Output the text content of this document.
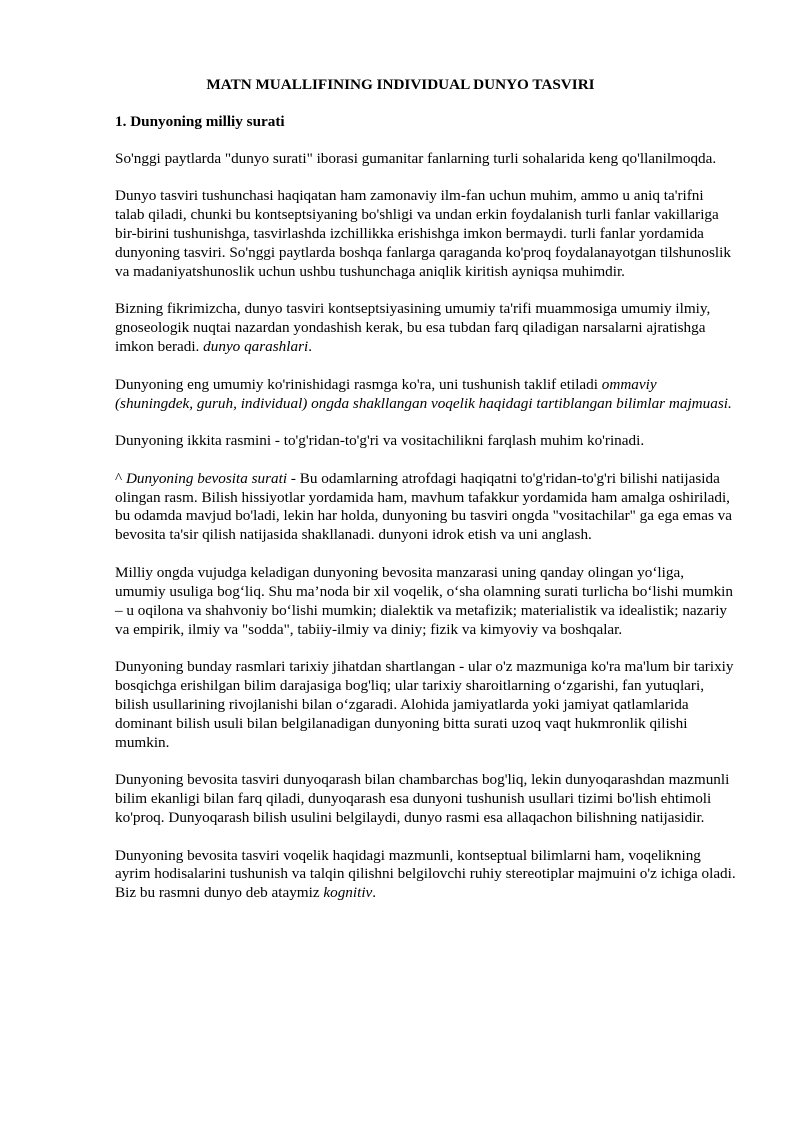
MATN MUALLIFINING INDIVIDUAL DUNYO TASVIRI
1. Dunyoning milliy surati

So'nggi paytlarda "dunyo surati" iborasi gumanitar fanlarning turli sohalarida keng qo'llanilmoqda.

Dunyo tasviri tushunchasi haqiqatan ham zamonaviy ilm-fan uchun muhim, ammo u aniq ta'rifni talab qiladi, chunki bu kontseptsiyaning bo'shligi va undan erkin foydalanish turli fanlar vakillariga bir-birini tushunishga, tasvirlashda izchillikka erishishga imkon bermaydi. turli fanlar yordamida dunyoning tasviri. So'nggi paytlarda boshqa fanlarga qaraganda ko'proq foydalanayotgan tilshunoslik va madaniyatshunoslik uchun ushbu tushunchaga aniqlik kiritish ayniqsa muhimdir.

Bizning fikrimizcha, dunyo tasviri kontseptsiyasining umumiy ta'rifi muammosiga umumiy ilmiy, gnoseologik nuqtai nazardan yondashish kerak, bu esa tubdan farq qiladigan narsalarni ajratishga imkon beradi. dunyo qarashlari.

Dunyoning eng umumiy ko'rinishidagi rasmga ko'ra, uni tushunish taklif etiladi ommaviy (shuningdek, guruh, individual) ongda shakllangan voqelik haqidagi tartiblangan bilimlar majmuasi.

Dunyoning ikkita rasmini - to'g'ridan-to'g'ri va vositachilikni farqlash muhim ko'rinadi.

^ Dunyoning bevosita surati - Bu odamlarning atrofdagi haqiqatni to'g'ridan-to'g'ri bilishi natijasida olingan rasm. Bilish hissiyotlar yordamida ham, mavhum tafakkur yordamida ham amalga oshiriladi, bu odamda mavjud bo'ladi, lekin har holda, dunyoning bu tasviri ongda "vositachilar" ga ega emas va bevosita ta'sir qilish natijasida shakllanadi. dunyoni idrok etish va uni anglash.

Milliy ongda vujudga keladigan dunyoning bevosita manzarasi uning qanday olingan yo‘liga, umumiy usuliga bog‘liq. Shu ma’noda bir xil voqelik, o‘sha olamning surati turlicha bo‘lishi mumkin – u oqilona va shahvoniy bo‘lishi mumkin; dialektik va metafizik; materialistik va idealistik; nazariy va empirik, ilmiy va "sodda", tabiiy-ilmiy va diniy; fizik va kimyoviy va boshqalar.

Dunyoning bunday rasmlari tarixiy jihatdan shartlangan - ular o'z mazmuniga ko'ra ma'lum bir tarixiy bosqichga erishilgan bilim darajasiga bog'liq; ular tarixiy sharoitlarning o‘zgarishi, fan yutuqlari, bilish usullarining rivojlanishi bilan o‘zgaradi. Alohida jamiyatlarda yoki jamiyat qatlamlarida dominant bilish usuli bilan belgilanadigan dunyoning bitta surati uzoq vaqt hukmronlik qilishi mumkin.

Dunyoning bevosita tasviri dunyoqarash bilan chambarchas bog'liq, lekin dunyoqarashdan mazmunli bilim ekanligi bilan farq qiladi, dunyoqarash esa dunyoni tushunish usullari tizimi bo'lish ehtimoli ko'proq. Dunyoqarash bilish usulini belgilaydi, dunyo rasmi esa allaqachon bilishning natijasidir.

Dunyoning bevosita tasviri voqelik haqidagi mazmunli, kontseptual bilimlarni ham, voqelikning ayrim hodisalarini tushunish va talqin qilishni belgilovchi ruhiy stereotiplar majmuini o'z ichiga oladi. Biz bu rasmni dunyo deb ataymiz kognitiv.
